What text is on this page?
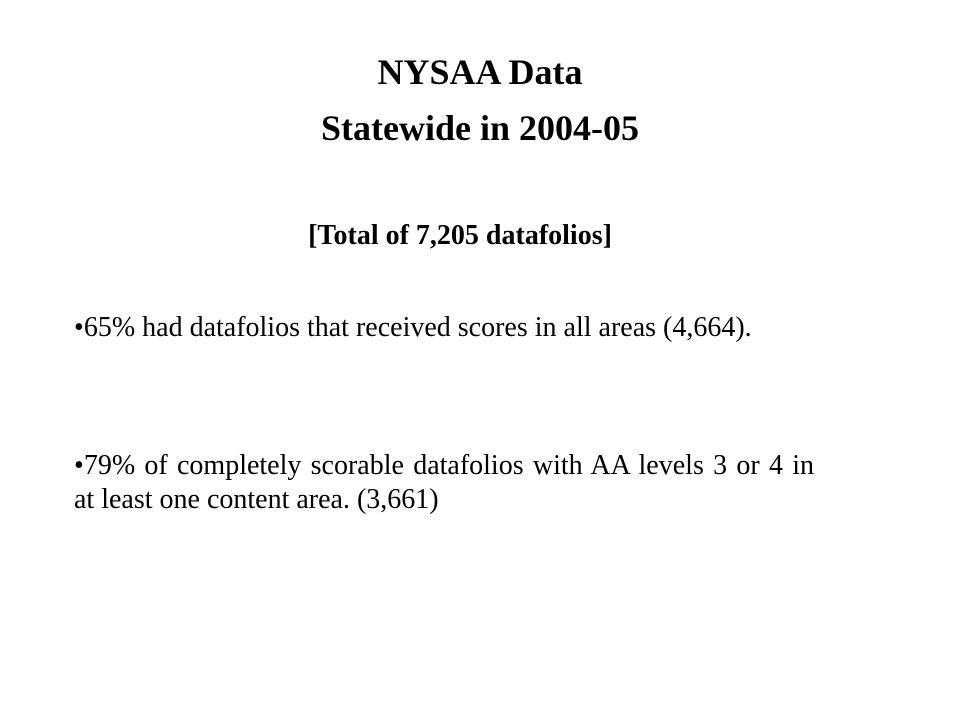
NYSAA Data
Statewide in 2004-05
[Total of 7,205 datafolios]
•65% had datafolios that received scores in all areas (4,664).
•79% of completely scorable datafolios with AA levels 3 or 4 in at least one content area. (3,661)
